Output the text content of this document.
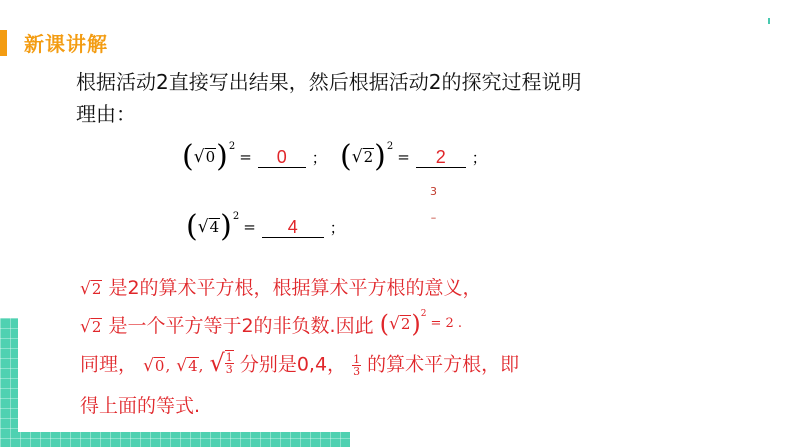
新课讲解
根据活动2直接写出结果，然后根据活动2的探究过程说明理由：
( √ 0 ) 2
=	0	； ( √ 2 ) 2
=	2	；
3
–
( √ 4 ) 2
=	4	；
√ 2 是2的算术平方根，根据算术平方根的意义，
√ 2 是一个平方等于2的非负数.因此 ( √ 2 ) 2
= 2 .
同理， √ 0 , √ 4 , √ $\frac{1}{3}$ 分别是0,4， $\frac{1}{3}$ 的算术平方根，即
得上面的等式.
